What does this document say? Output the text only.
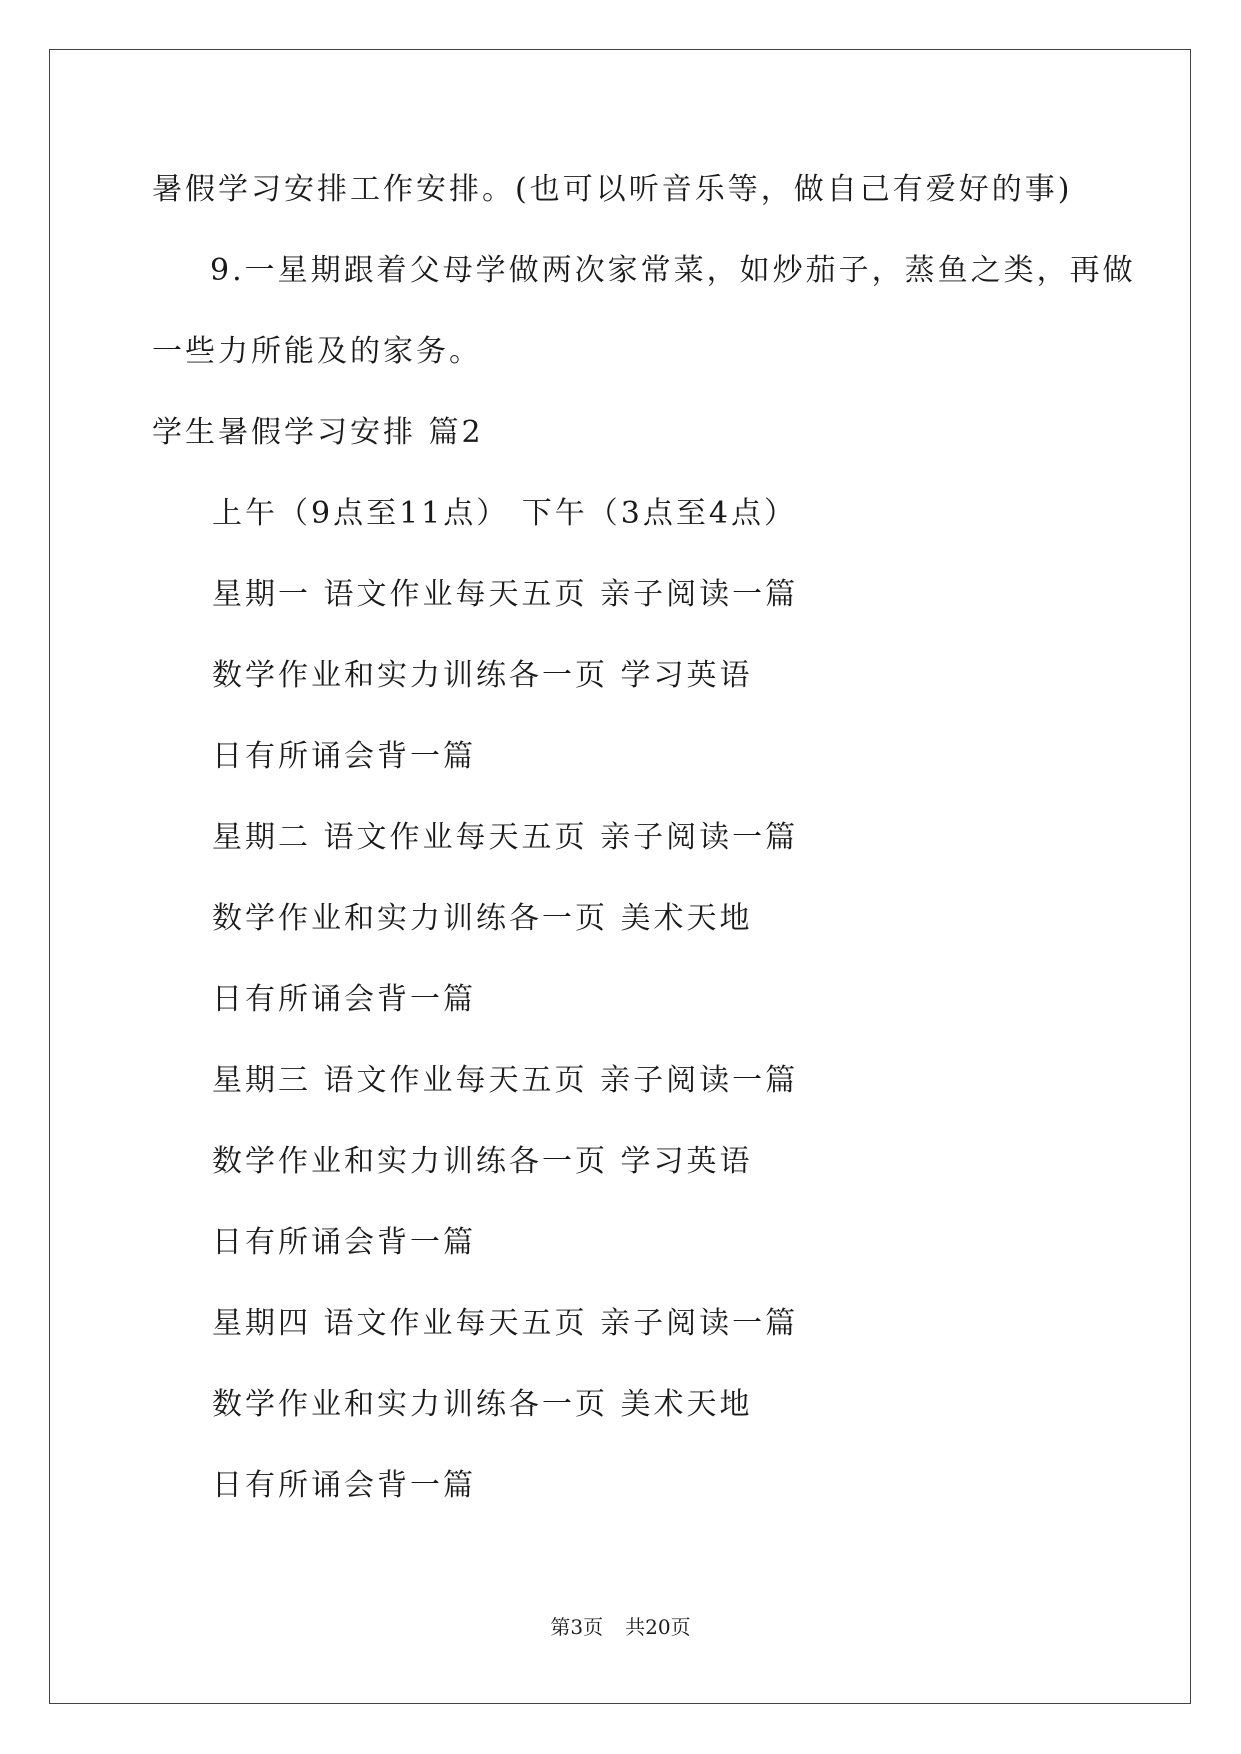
暑假学习安排工作安排。(也可以听音乐等，做自己有爱好的事)
9.一星期跟着父母学做两次家常菜，如炒茄子，蒸鱼之类，再做
一些力所能及的家务。
学生暑假学习安排 篇2
上午（9点至11点） 下午（3点至4点）
星期一 语文作业每天五页 亲子阅读一篇
数学作业和实力训练各一页 学习英语
日有所诵会背一篇
星期二 语文作业每天五页 亲子阅读一篇
数学作业和实力训练各一页 美术天地
日有所诵会背一篇
星期三 语文作业每天五页 亲子阅读一篇
数学作业和实力训练各一页 学习英语
日有所诵会背一篇
星期四 语文作业每天五页 亲子阅读一篇
数学作业和实力训练各一页 美术天地
日有所诵会背一篇
第3页 共20页
